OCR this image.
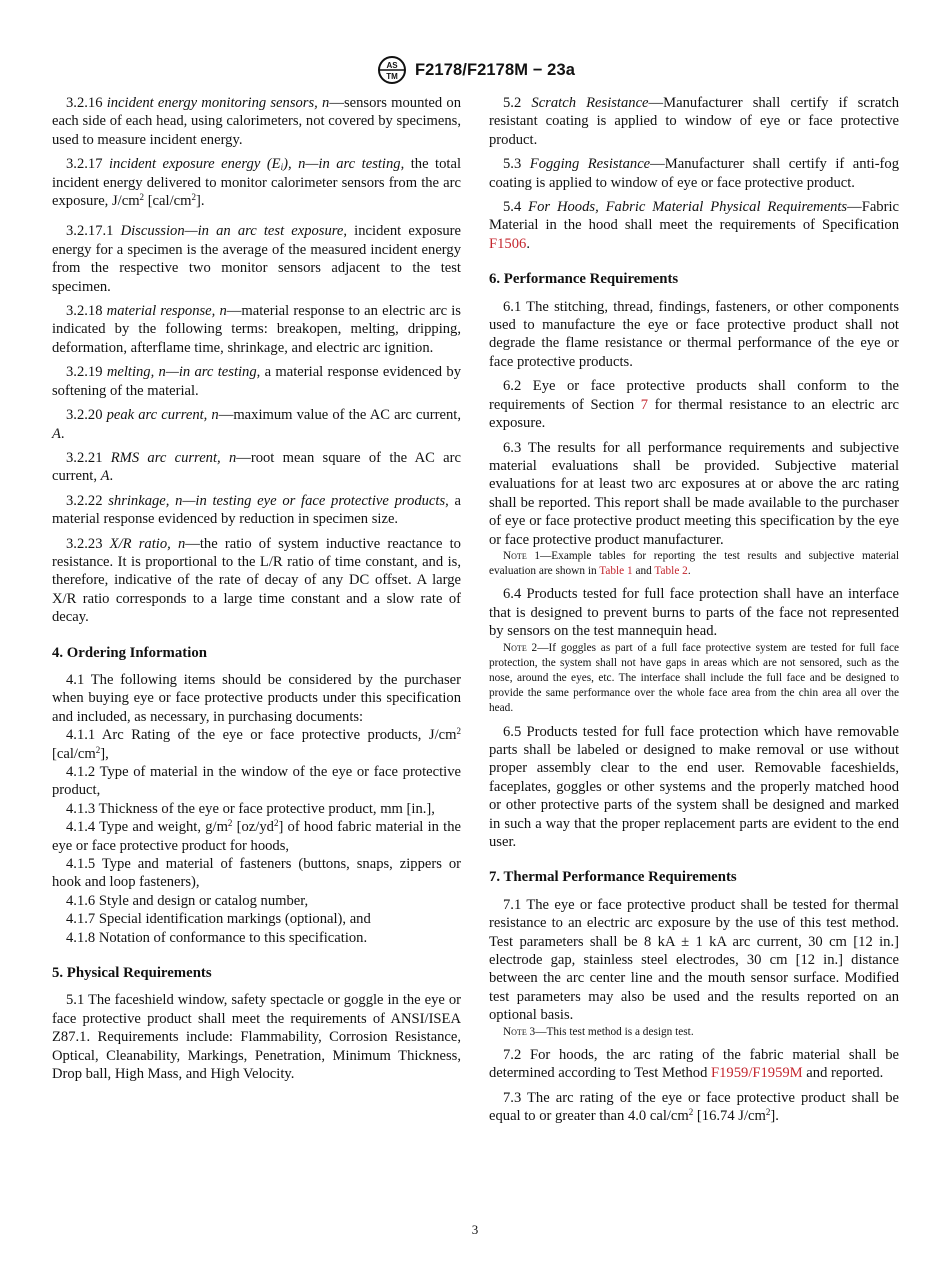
AS
TM F2178/F2178M − 23a

3.2.16 incident energy monitoring sensors, n—sensors mounted on each side of each head, using calorimeters, not covered by specimens, used to measure incident energy.

3.2.17 incident exposure energy $(E_i)$, n—in arc testing, the total incident energy delivered to monitor calorimeter sensors from the arc exposure, $J/cm^2$ $[cal/cm^2]$.

3.2.17.1 Discussion—in an arc test exposure, incident exposure energy for a specimen is the average of the measured incident energy from the respective two monitor sensors adjacent to the test specimen.

3.2.18 material response, n—material response to an electric arc is indicated by the following terms: breakopen, melting, dripping, deformation, afterflame time, shrinkage, and electric arc ignition.

3.2.19 melting, n—in arc testing, a material response evidenced by softening of the material.

3.2.20 peak arc current, n—maximum value of the AC arc current, A.

3.2.21 RMS arc current, n—root mean square of the AC arc current, A.

3.2.22 shrinkage, n—in testing eye or face protective products, a material response evidenced by reduction in specimen size.

3.2.23 X/R ratio, n—the ratio of system inductive reactance to resistance. It is proportional to the L/R ratio of time constant, and is, therefore, indicative of the rate of decay of any DC offset. A large X/R ratio corresponds to a large time constant and a slow rate of decay.

4. Ordering Information

4.1 The following items should be considered by the purchaser when buying eye or face protective products under this specification and included, as necessary, in purchasing documents:

4.1.1 Arc Rating of the eye or face protective products, $J/cm^2$ $[cal/cm^2]$,

4.1.2 Type of material in the window of the eye or face protective product,

4.1.3 Thickness of the eye or face protective product, mm [in.],

4.1.4 Type and weight, $g/m^2$ $[oz/yd^2]$ of hood fabric material in the eye or face protective product for hoods,

4.1.5 Type and material of fasteners (buttons, snaps, zippers or hook and loop fasteners),

4.1.6 Style and design or catalog number,

4.1.7 Special identification markings (optional), and

4.1.8 Notation of conformance to this specification.

5. Physical Requirements

5.1 The faceshield window, safety spectacle or goggle in the eye or face protective product shall meet the requirements of ANSI/ISEA Z87.1. Requirements include: Flammability, Corrosion Resistance, Optical, Cleanability, Markings, Penetration, Minimum Thickness, Drop ball, High Mass, and High Velocity.

5.2 Scratch Resistance—Manufacturer shall certify if scratch resistant coating is applied to window of eye or face protective product.

5.3 Fogging Resistance—Manufacturer shall certify if anti-fog coating is applied to window of eye or face protective product.

5.4 For Hoods, Fabric Material Physical Requirements—Fabric Material in the hood shall meet the requirements of Specification F1506.

6. Performance Requirements

6.1 The stitching, thread, findings, fasteners, or other components used to manufacture the eye or face protective product shall not degrade the flame resistance or thermal performance of the eye or face protective products.

6.2 Eye or face protective products shall conform to the requirements of Section 7 for thermal resistance to an electric arc exposure.

6.3 The results for all performance requirements and subjective material evaluations shall be provided. Subjective material evaluations for at least two arc exposures at or above the arc rating shall be reported. This report shall be made available to the purchaser of eye or face protective product meeting this specification by the eye or face protective product manufacturer.

Note 1—Example tables for reporting the test results and subjective material evaluation are shown in Table 1 and Table 2.

6.4 Products tested for full face protection shall have an interface that is designed to prevent burns to parts of the face not represented by sensors on the test mannequin head.

Note 2—If goggles as part of a full face protective system are tested for full face protection, the system shall not have gaps in areas which are not sensored, such as the nose, around the eyes, etc. The interface shall include the full face and be designed to provide the same performance over the whole face area from the chin area all over the head.

6.5 Products tested for full face protection which have removable parts shall be labeled or designed to make removal or use without proper assembly clear to the end user. Removable faceshields, faceplates, goggles or other systems and the properly matched hood or other protective parts of the system shall be designed and marked in such a way that the proper replacement parts are evident to the end user.

7. Thermal Performance Requirements

7.1 The eye or face protective product shall be tested for thermal resistance to an electric arc exposure by the use of this test method. Test parameters shall be 8 kA ± 1 kA arc current, 30 cm [12 in.] electrode gap, stainless steel electrodes, 30 cm [12 in.] distance between the arc center line and the mouth sensor surface. Modified test parameters may also be used and the results reported on an optional basis.

Note 3—This test method is a design test.

7.2 For hoods, the arc rating of the fabric material shall be determined according to Test Method F1959/F1959M and reported.

7.3 The arc rating of the eye or face protective product shall be equal to or greater than 4.0 cal/$cm^2$ [16.74 $J/cm^2$].

3
